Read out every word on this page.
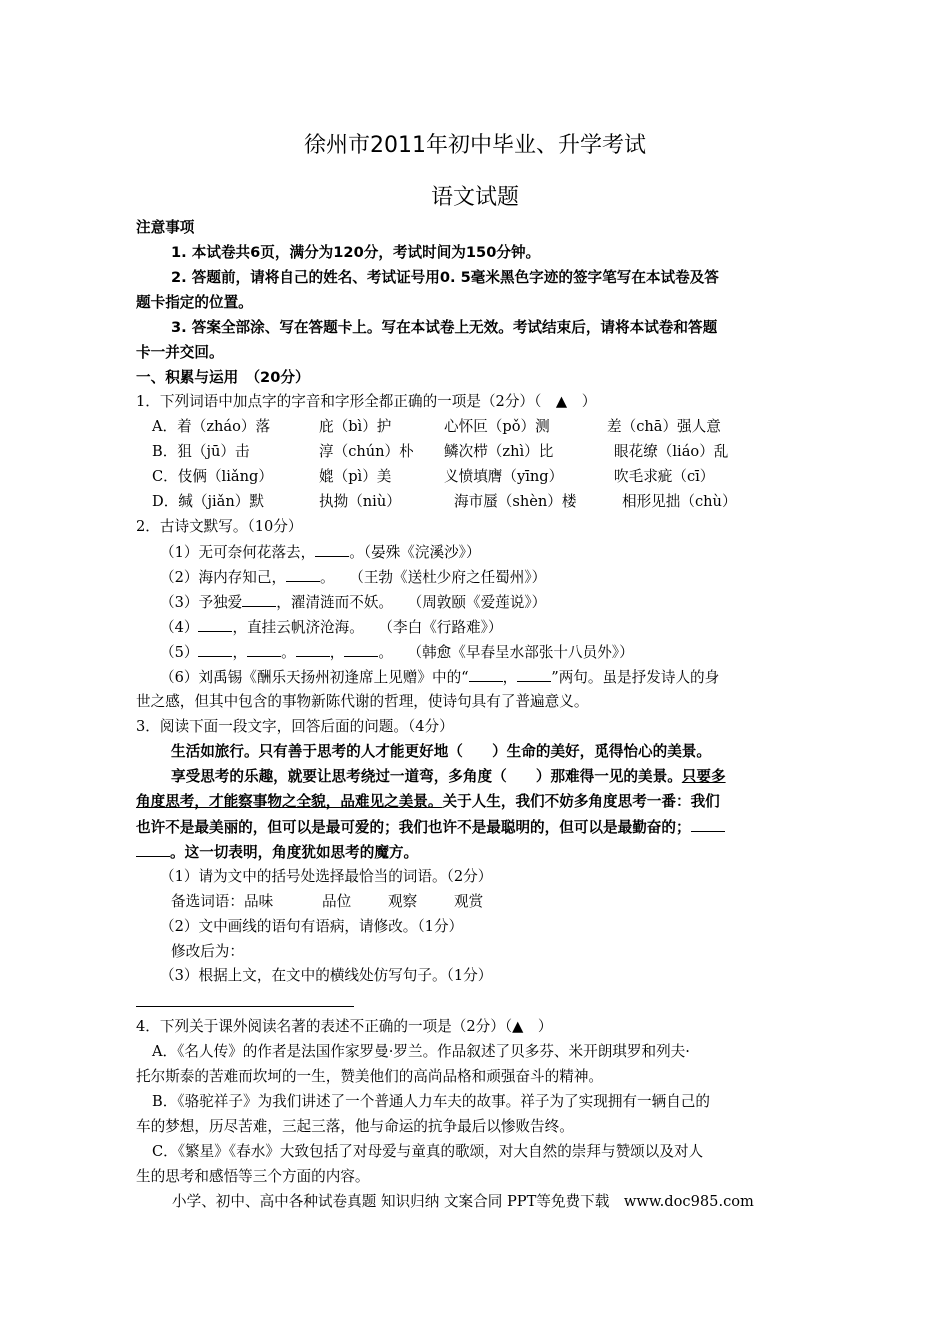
徐州市2011年初中毕业、升学考试
语文试题
注意事项
1. 本试卷共6页，满分为120分，考试时间为150分钟。
2. 答题前，请将自己的姓名、考试证号用0. 5毫米黑色字迹的签字笔写在本试卷及答
题卡指定的位置。
3. 答案全部涂、写在答题卡上。写在本试卷上无效。考试结束后，请将本试卷和答题
卡一并交回。
一、积累与运用　（20分）
1．下列词语中加点字的字音和字形全都正确的一项是（2分）（　▲　）
A．着（zháo）落	庇（bì）护	心怀叵（pǒ）测	差（chā）强人意
B．狙（jū）击	淳（chún）朴 鳞次栉（zhì）比	眼花缭（liáo）乱
C．伎俩（liǎng）	媲（pì）美	义愤填膺（yīng）	吹毛求疵（cī）
D．缄（jiǎn）默	执拗（niù）	海市蜃（shèn）楼	相形见拙（chù）
2．古诗文默写。（10分）
（1）无可奈何花落去， 。（晏殊《浣溪沙》）
（2）海内存知己， 。　　（王勃《送杜少府之任蜀州》）
（3）予独爱 ，濯清涟而不妖。　　（周敦颐《爱莲说》）
（4） ，直挂云帆济沧海。　　（李白《行路难》）
（5） ， 。 ， 。　　（韩愈《早春呈水部张十八员外》）
（6）刘禹锡《酬乐天扬州初逢席上见赠》中的“ ， ”两句。虽是抒发诗人的身
世之感，但其中包含的事物新陈代谢的哲理，使诗句具有了普遍意义。
3．阅读下面一段文字，回答后面的问题。（4分）
生活如旅行。只有善于思考的人才能更好地（　　）生命的美好，觅得怡心的美景。
享受思考的乐趣，就要让思考绕过一道弯，多角度（　　）那难得一见的美景。只要多
角度思考，才能察事物之全貌，品难见之美景。关于人生，我们不妨多角度思考一番：我们
也许不是最美丽的，但可以是最可爱的；我们也许不是最聪明的，但可以是最勤奋的；
。这一切表明，角度犹如思考的魔方。
（1）请为文中的括号处选择最恰当的词语。（2分）
备选词语：品味	品位	观察	观赏
（2）文中画线的语句有语病，请修改。（1分）
修改后为：
（3）根据上文，在文中的横线处仿写句子。（1分）
4．下列关于课外阅读名著的表述不正确的一项是（2分）（▲　）
A．《名人传》的作者是法国作家罗曼·罗兰。作品叙述了贝多芬、米开朗琪罗和列夫·
托尔斯泰的苦难而坎坷的一生，赞美他们的高尚品格和顽强奋斗的精神。
B．《骆驼祥子》为我们讲述了一个普通人力车夫的故事。祥子为了实现拥有一辆自己的
车的梦想，历尽苦难，三起三落，他与命运的抗争最后以惨败告终。
C．《繁星》《春水》大致包括了对母爱与童真的歌颂，对大自然的崇拜与赞颂以及对人
生的思考和感悟等三个方面的内容。
小学、初中、高中各种试卷真题 知识归纳 文案合同 PPT等免费下载　www.doc985.com
